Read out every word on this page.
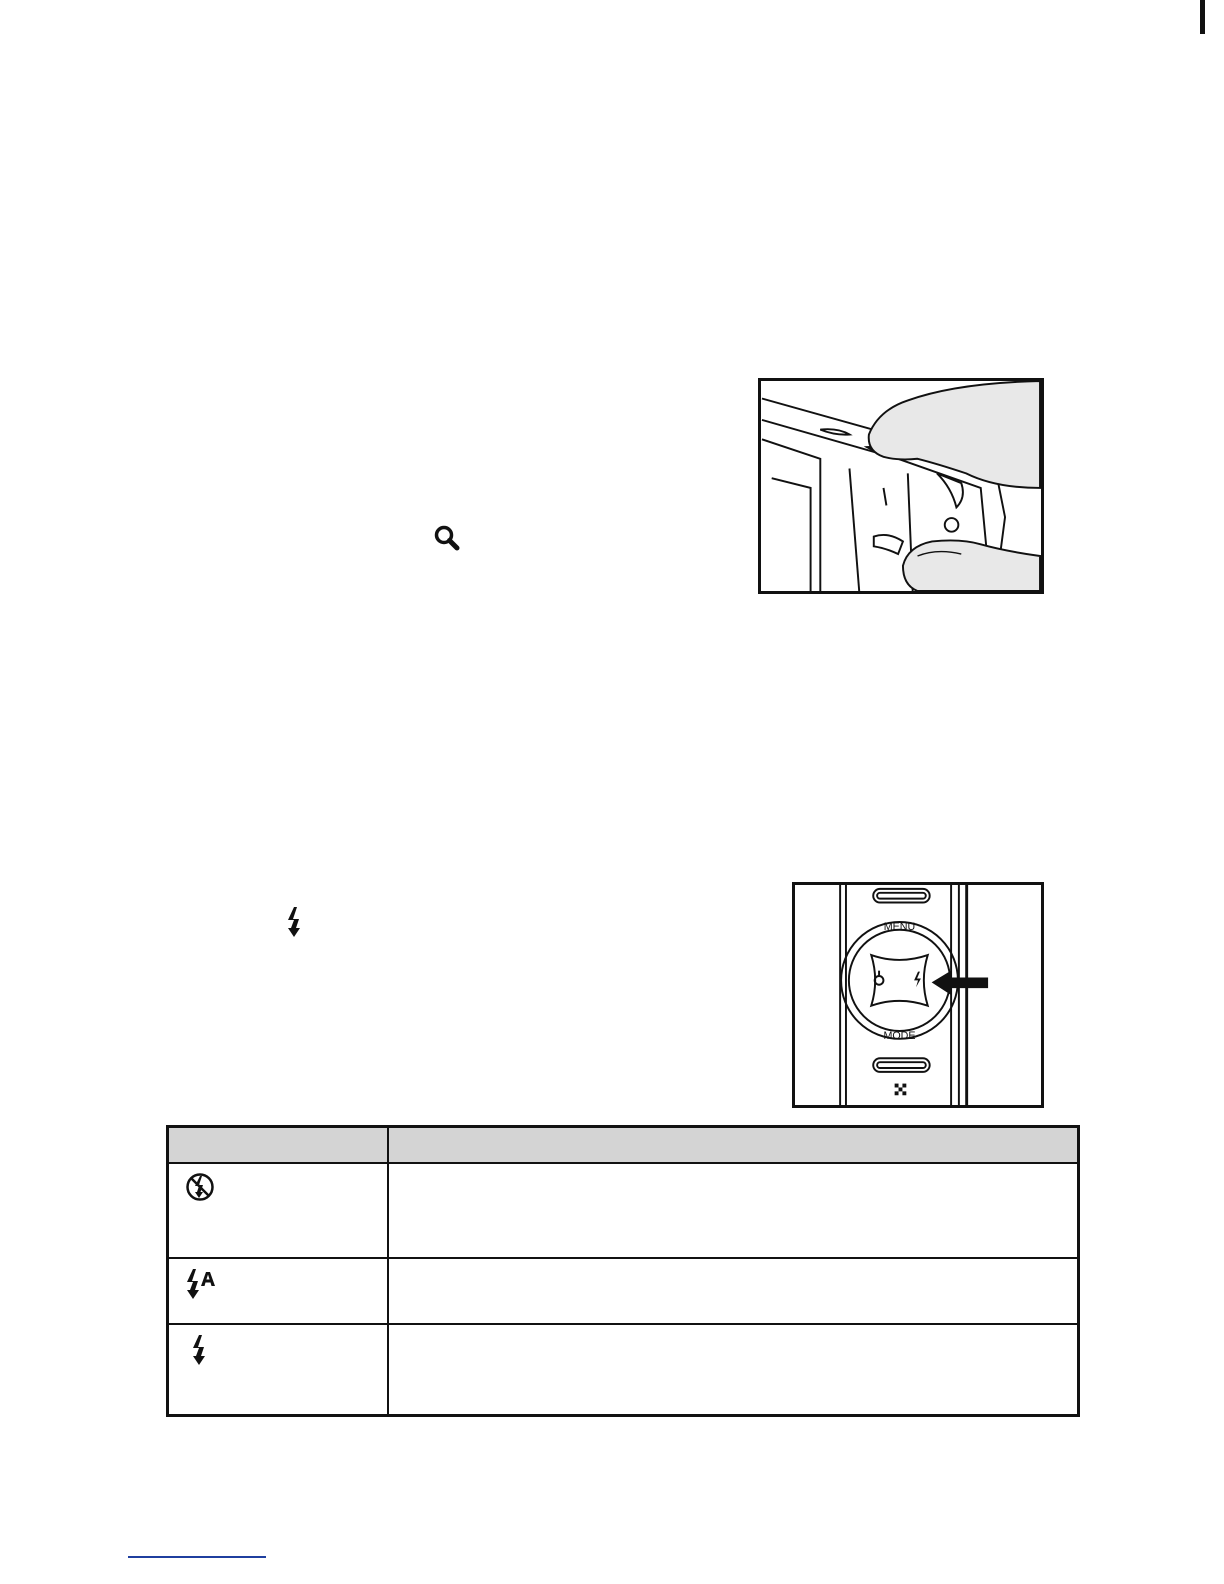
MENU
MODE
